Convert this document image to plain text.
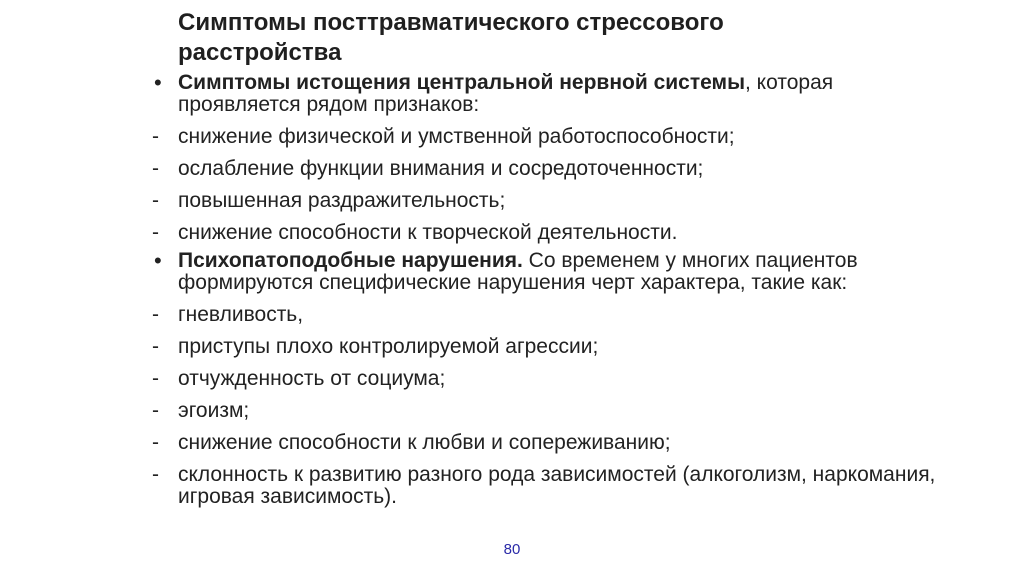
Симптомы посттравматического стрессового расстройства
• Симптомы истощения центральной нервной системы, которая проявляется рядом признаков:
- снижение физической и умственной работоспособности;
- ослабление функции внимания и сосредоточенности;
- повышенная раздражительность;
- снижение способности к творческой деятельности.
• Психопатоподобные нарушения. Со временем у многих пациентов формируются специфические нарушения черт характера, такие как:
- гневливость,
- приступы плохо контролируемой агрессии;
- отчужденность от социума;
- эгоизм;
- снижение способности к любви и сопереживанию;
- склонность к развитию разного рода зависимостей (алкоголизм, наркомания, игровая зависимость).
80
